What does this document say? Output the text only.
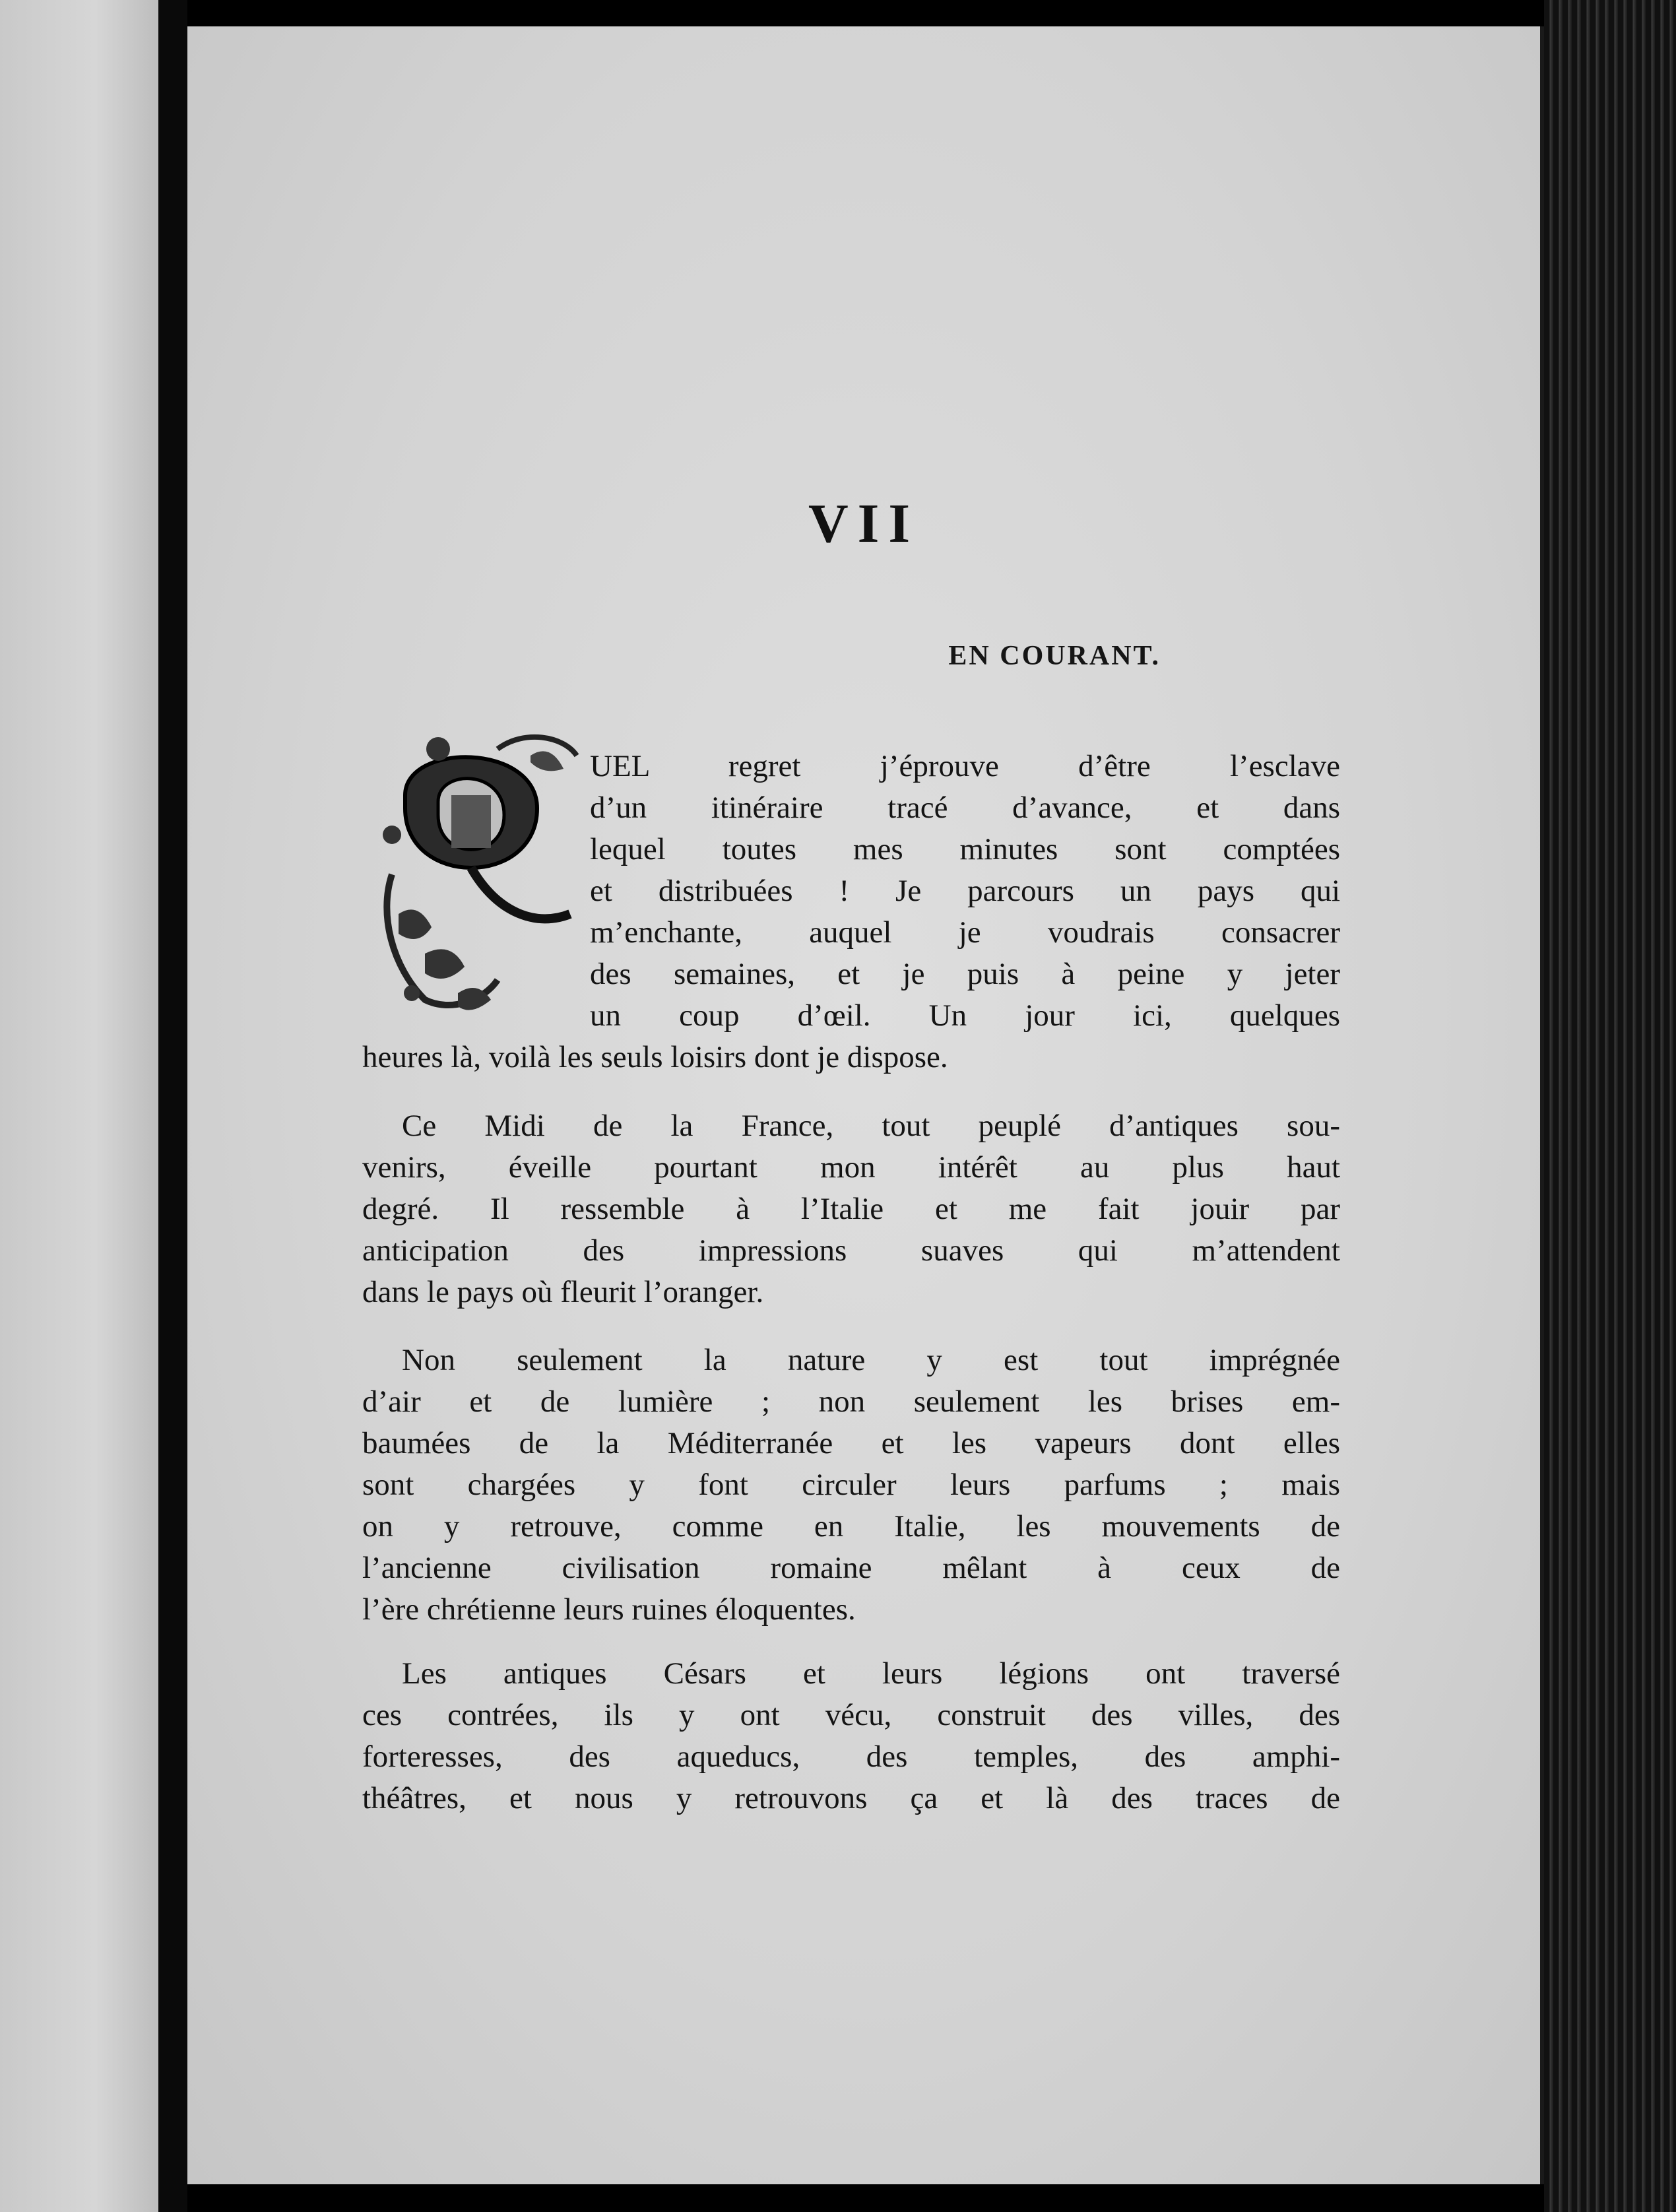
VII
EN COURANT.
UEL regret j’éprouve d’être l’esclave
d’un itinéraire tracé d’avance, et dans
lequel toutes mes minutes sont comptées
et distribuées ! Je parcours un pays qui
m’enchante, auquel je voudrais consacrer
des semaines, et je puis à peine y jeter
un coup d’œil. Un jour ici, quelques
heures là, voilà les seuls loisirs dont je dispose.
Ce Midi de la France, tout peuplé d’antiques sou-
venirs, éveille pourtant mon intérêt au plus haut
degré. Il ressemble à l’Italie et me fait jouir par
anticipation des impressions suaves qui m’attendent
dans le pays où fleurit l’oranger.
Non seulement la nature y est tout imprégnée
d’air et de lumière ; non seulement les brises em-
baumées de la Méditerranée et les vapeurs dont elles
sont chargées y font circuler leurs parfums ; mais
on y retrouve, comme en Italie, les mouvements de
l’ancienne civilisation romaine mêlant à ceux de
l’ère chrétienne leurs ruines éloquentes.
Les antiques Césars et leurs légions ont traversé
ces contrées, ils y ont vécu, construit des villes, des
forteresses, des aqueducs, des temples, des amphi-
théâtres, et nous y retrouvons ça et là des traces de
